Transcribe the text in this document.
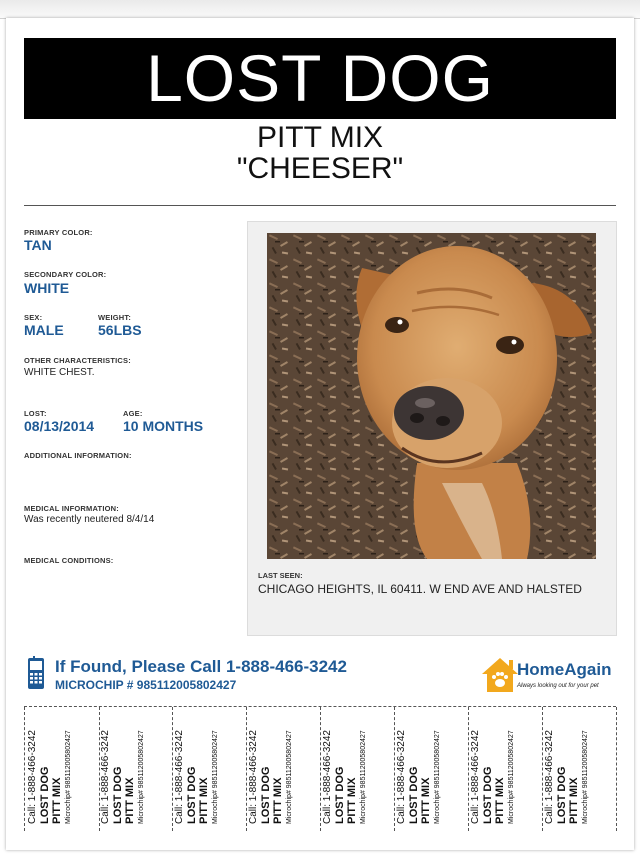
LOST DOG
PITT MIX
"CHEESER"
PRIMARY COLOR:
TAN
SECONDARY COLOR:
WHITE
SEX:
MALE
WEIGHT:
56LBS
OTHER CHARACTERISTICS:
WHITE CHEST.
LOST:
08/13/2014
AGE:
10 MONTHS
ADDITIONAL INFORMATION:
MEDICAL INFORMATION:
Was recently neutered 8/4/14
MEDICAL CONDITIONS:
LAST SEEN:
CHICAGO HEIGHTS, IL 60411. W END AVE AND HALSTED
If Found, Please Call 1-888-466-3242
MICROCHIP # 985112005802427
HomeAgain
Always looking out for your pet
Call: 1-888-466-3242 LOST DOG PITT MIX Microchip# 985112005802427	Call: 1-888-466-3242 LOST DOG PITT MIX Microchip# 985112005802427	Call: 1-888-466-3242 LOST DOG PITT MIX Microchip# 985112005802427	Call: 1-888-466-3242 LOST DOG PITT MIX Microchip# 985112005802427	Call: 1-888-466-3242 LOST DOG PITT MIX Microchip# 985112005802427	Call: 1-888-466-3242 LOST DOG PITT MIX Microchip# 985112005802427	Call: 1-888-466-3242 LOST DOG PITT MIX Microchip# 985112005802427	Call: 1-888-466-3242 LOST DOG PITT MIX Microchip# 985112005802427
